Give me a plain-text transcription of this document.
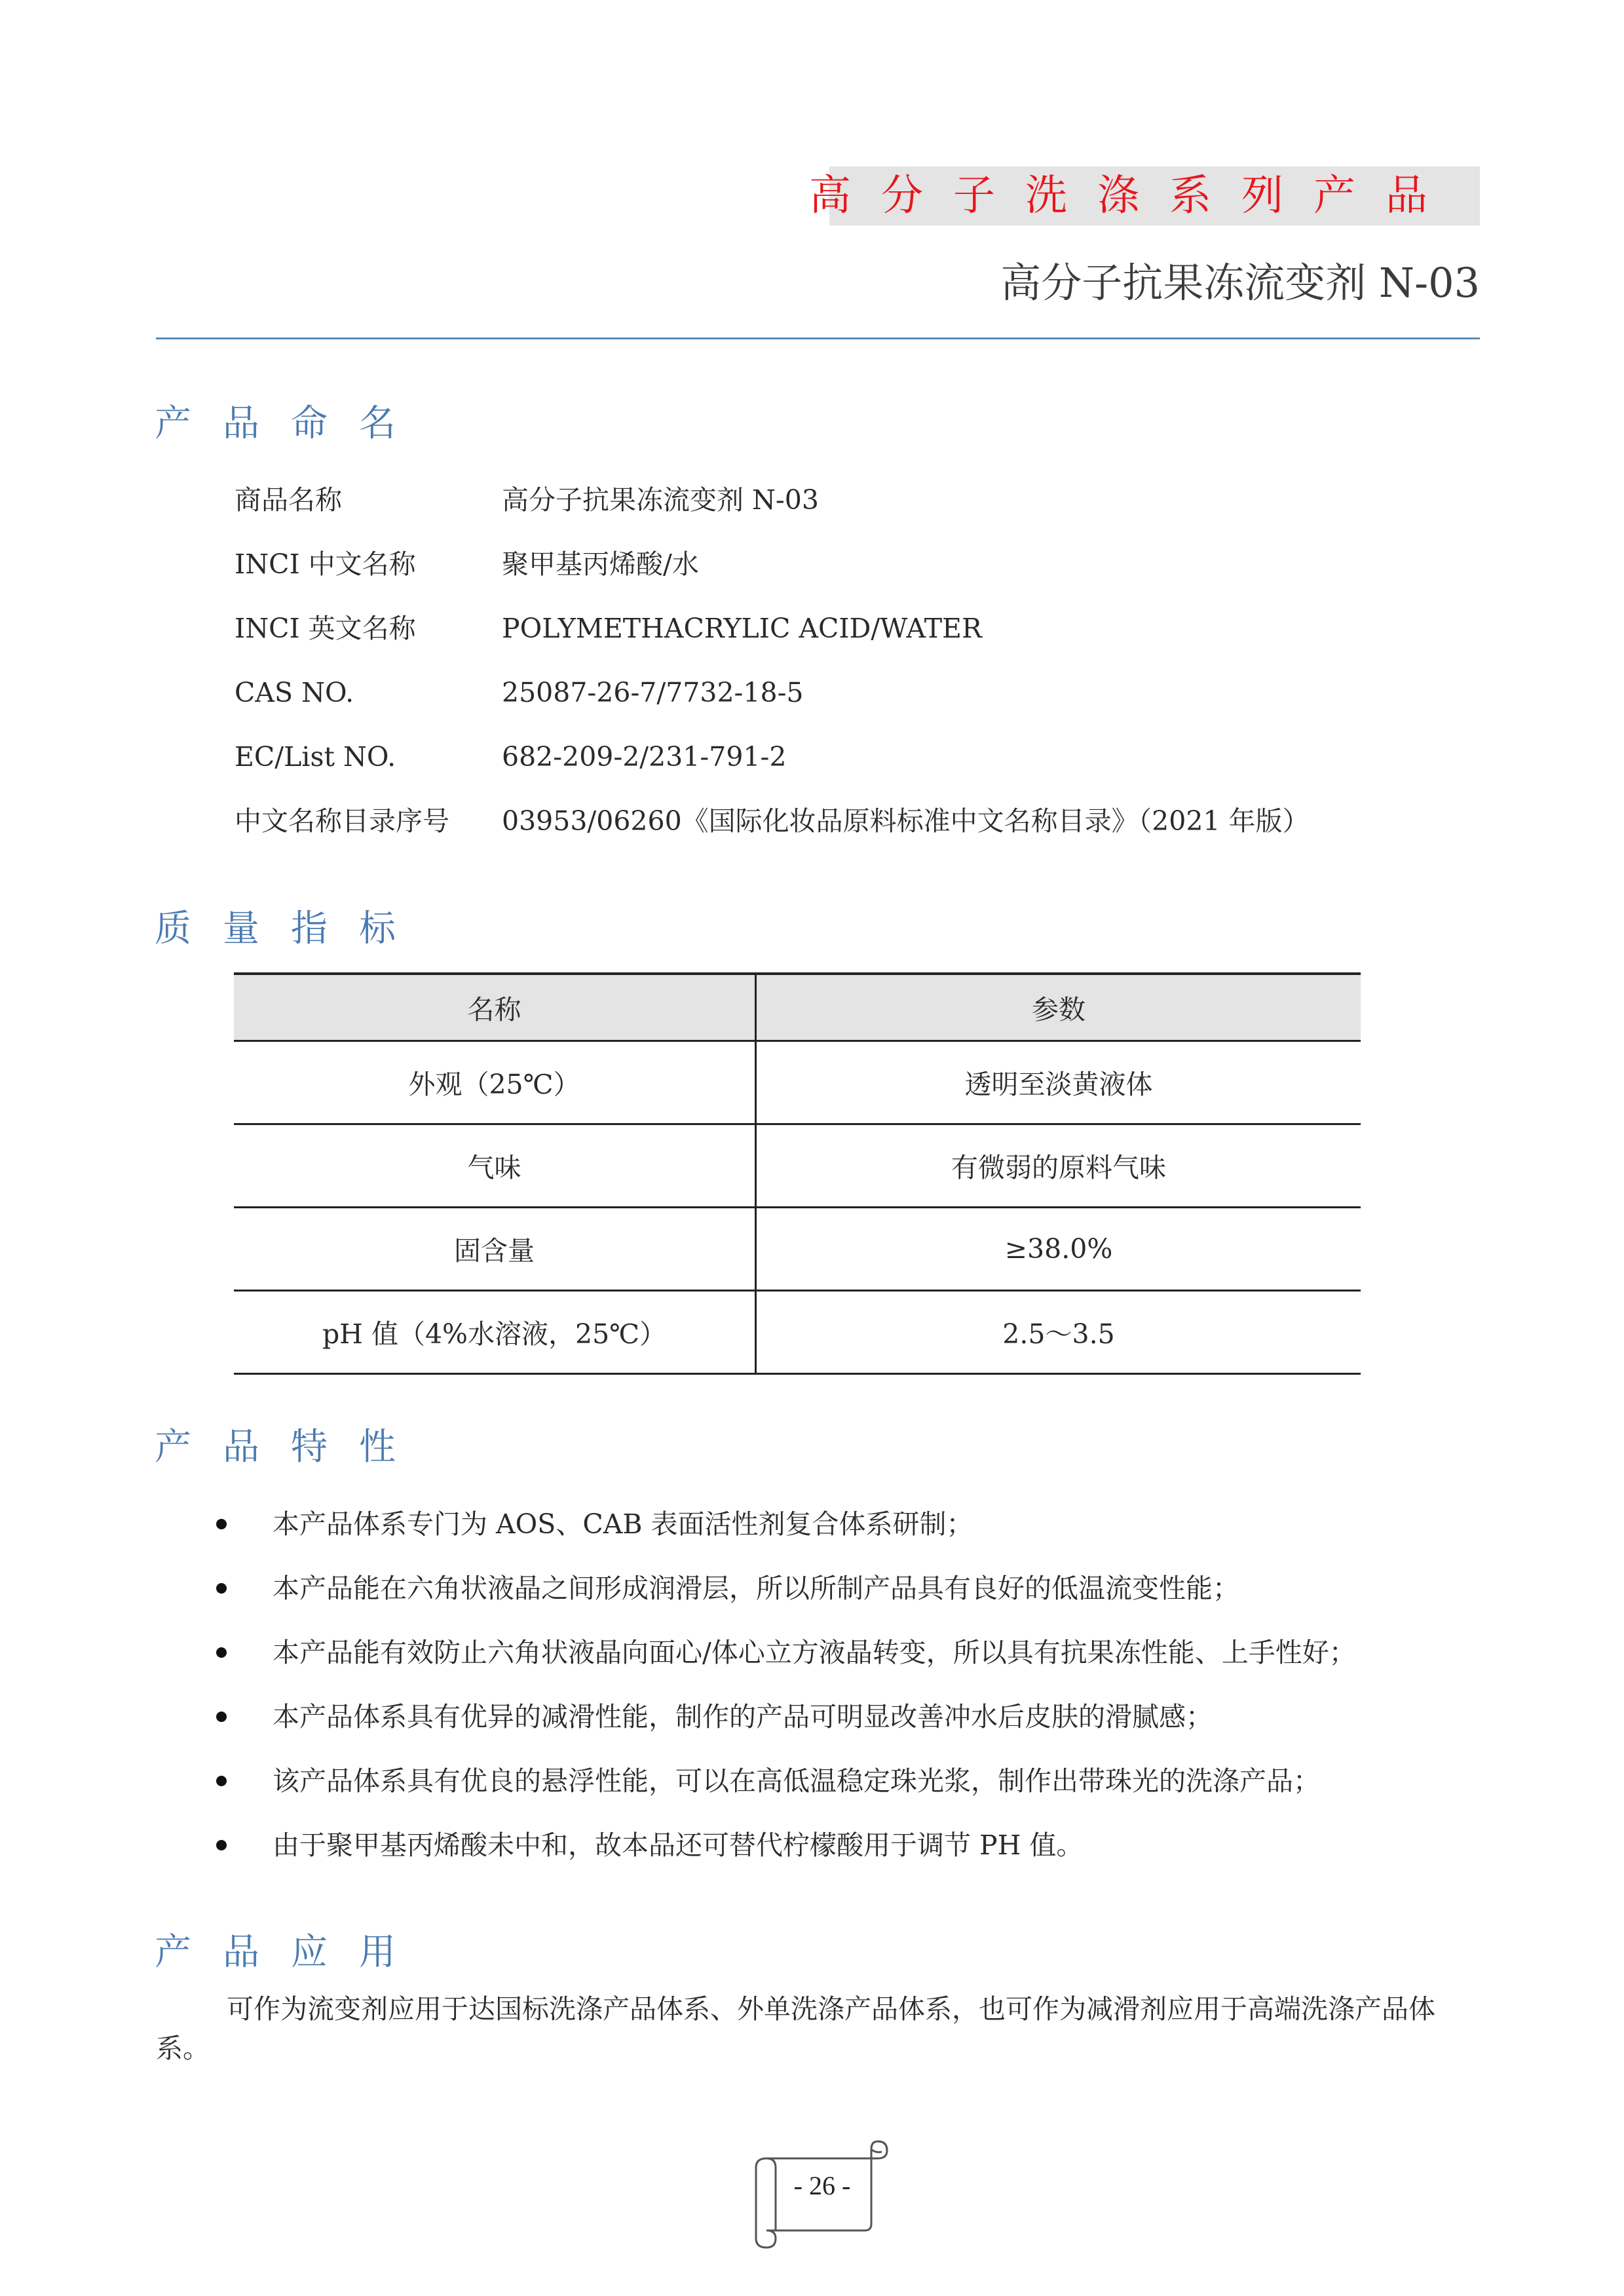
高分子洗涤系列产品
高分子抗果冻流变剂 N-03
产品命名
商品名称	高分子抗果冻流变剂 N-03
INCI 中文名称	聚甲基丙烯酸/水
INCI 英文名称	POLYMETHACRYLIC ACID/WATER
CAS NO.	25087-26-7/7732-18-5
EC/List NO.	682-209-2/231-791-2
中文名称目录序号 03953/06260《国际化妆品原料标准中文名称目录》（2021 年版）
质量指标
名称	参数
外观（25℃）	透明至淡黄液体
气味	有微弱的原料气味
固含量	≥38.0%
pH 值（4%水溶液，25℃）	2.5～3.5
产品特性
本产品体系专门为 AOS、CAB 表面活性剂复合体系研制；
本产品能在六角状液晶之间形成润滑层，所以所制产品具有良好的低温流变性能；
本产品能有效防止六角状液晶向面心/体心立方液晶转变，所以具有抗果冻性能、上手性好；
本产品体系具有优异的减滑性能，制作的产品可明显改善冲水后皮肤的滑腻感；
该产品体系具有优良的悬浮性能，可以在高低温稳定珠光浆，制作出带珠光的洗涤产品；
由于聚甲基丙烯酸未中和，故本品还可替代柠檬酸用于调节 PH 值。
产品应用
可作为流变剂应用于达国标洗涤产品体系、外单洗涤产品体系，也可作为减滑剂应用于高端洗涤产品体系。
- 26 -
